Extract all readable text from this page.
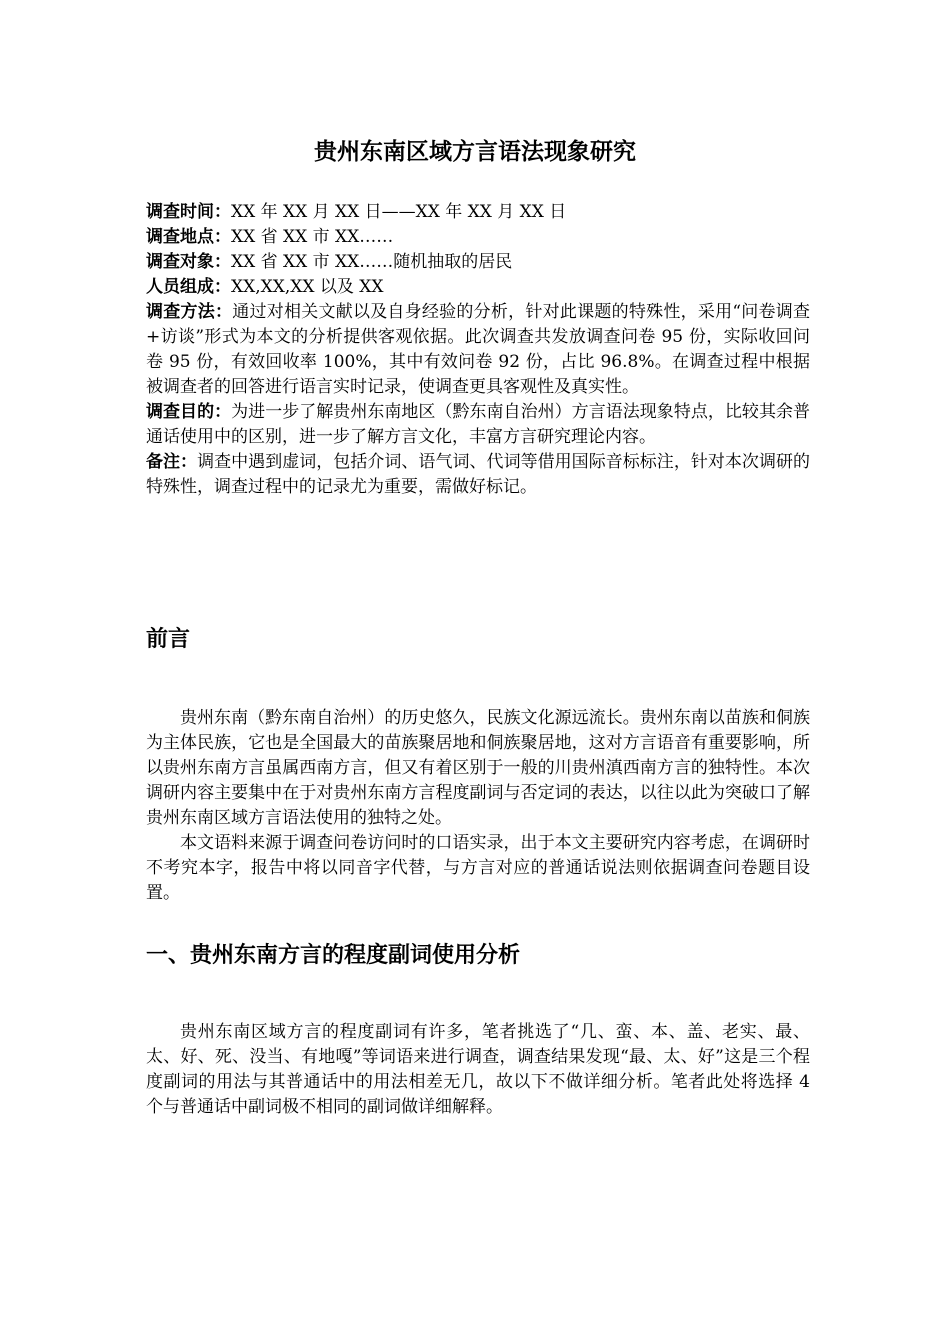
贵州东南区域方言语法现象研究

调查时间：XX 年 XX 月 XX 日——XX 年 XX 月 XX 日

调查地点：XX 省 XX 市 XX……

调查对象：XX 省 XX 市 XX……随机抽取的居民

人员组成：XX,XX,XX 以及 XX

调查方法：通过对相关文献以及自身经验的分析，针对此课题的特殊性，采用“问卷调查+访谈”形式为本文的分析提供客观依据。此次调查共发放调查问卷 95 份，实际收回问卷 95 份，有效回收率 100%，其中有效问卷 92 份，占比 96.8%。在调查过程中根据被调查者的回答进行语言实时记录，使调查更具客观性及真实性。

调查目的：为进一步了解贵州东南地区（黔东南自治州）方言语法现象特点，比较其余普通话使用中的区别，进一步了解方言文化，丰富方言研究理论内容。

备注：调查中遇到虚词，包括介词、语气词、代词等借用国际音标标注，针对本次调研的特殊性，调查过程中的记录尤为重要，需做好标记。

前言

贵州东南（黔东南自治州）的历史悠久，民族文化源远流长。贵州东南以苗族和侗族为主体民族，它也是全国最大的苗族聚居地和侗族聚居地，这对方言语音有重要影响，所以贵州东南方言虽属西南方言，但又有着区别于一般的川贵州滇西南方言的独特性。本次调研内容主要集中在于对贵州东南方言程度副词与否定词的表达，以往以此为突破口了解贵州东南区域方言语法使用的独特之处。

本文语料来源于调查问卷访问时的口语实录，出于本文主要研究内容考虑，在调研时不考究本字，报告中将以同音字代替，与方言对应的普通话说法则依据调查问卷题目设置。

一、贵州东南方言的程度副词使用分析

贵州东南区域方言的程度副词有许多，笔者挑选了“几、蛮、本、盖、老实、最、太、好、死、没当、有地嘎”等词语来进行调查，调查结果发现“最、太、好”这是三个程度副词的用法与其普通话中的用法相差无几，故以下不做详细分析。笔者此处将选择 4 个与普通话中副词极不相同的副词做详细解释。
